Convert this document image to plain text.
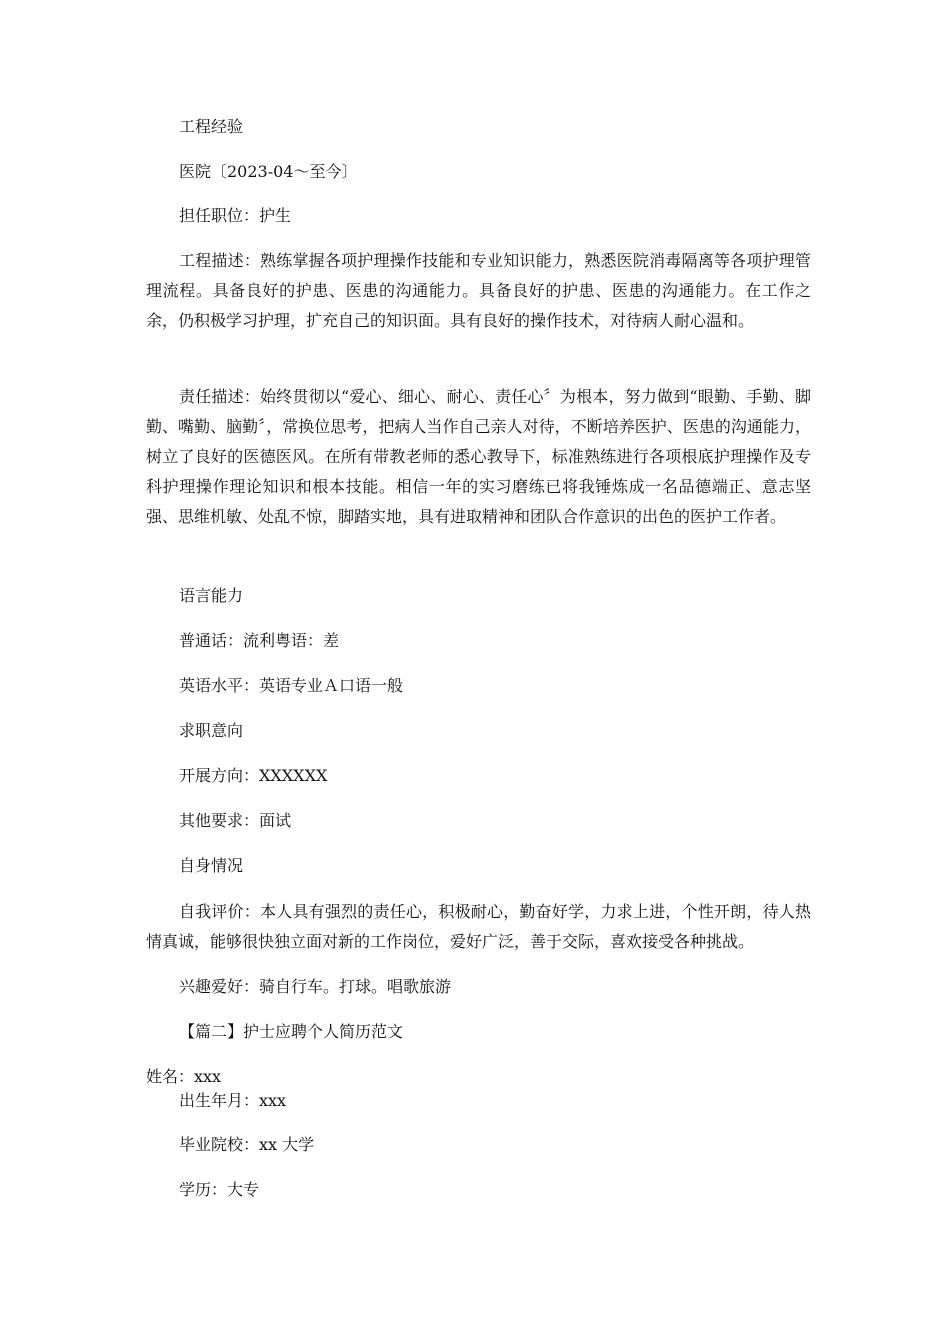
工程经验
医院〔2023-04～至今〕
担任职位：护生
工程描述：熟练掌握各项护理操作技能和专业知识能力，熟悉医院消毒隔离等各项护理管理流程。具备良好的护患、医患的沟通能力。具备良好的护患、医患的沟通能力。在工作之余，仍积极学习护理，扩充自己的知识面。具有良好的操作技术，对待病人耐心温和。
责任描述：始终贯彻以“爱心、细心、耐心、责任心〞为根本，努力做到“眼勤、手勤、脚勤、嘴勤、脑勤〞，常换位思考，把病人当作自己亲人对待，不断培养医护、医患的沟通能力，树立了良好的医德医风。在所有带教老师的悉心教导下，标准熟练进行各项根底护理操作及专科护理操作理论知识和根本技能。相信一年的实习磨练已将我锤炼成一名品德端正、意志坚强、思维机敏、处乱不惊，脚踏实地，具有进取精神和团队合作意识的出色的医护工作者。
语言能力
普通话：流利粤语：差
英语水平：英语专业Ａ口语一般
求职意向
开展方向：XXXXXX
其他要求：面试
自身情况
自我评价：本人具有强烈的责任心，积极耐心，勤奋好学，力求上进，个性开朗，待人热情真诚，能够很快独立面对新的工作岗位，爱好广泛，善于交际，喜欢接受各种挑战。
兴趣爱好：骑自行车。打球。唱歌旅游
【篇二】护士应聘个人简历范文
姓名：xxx
出生年月：xxx
毕业院校：xx 大学
学历：大专
